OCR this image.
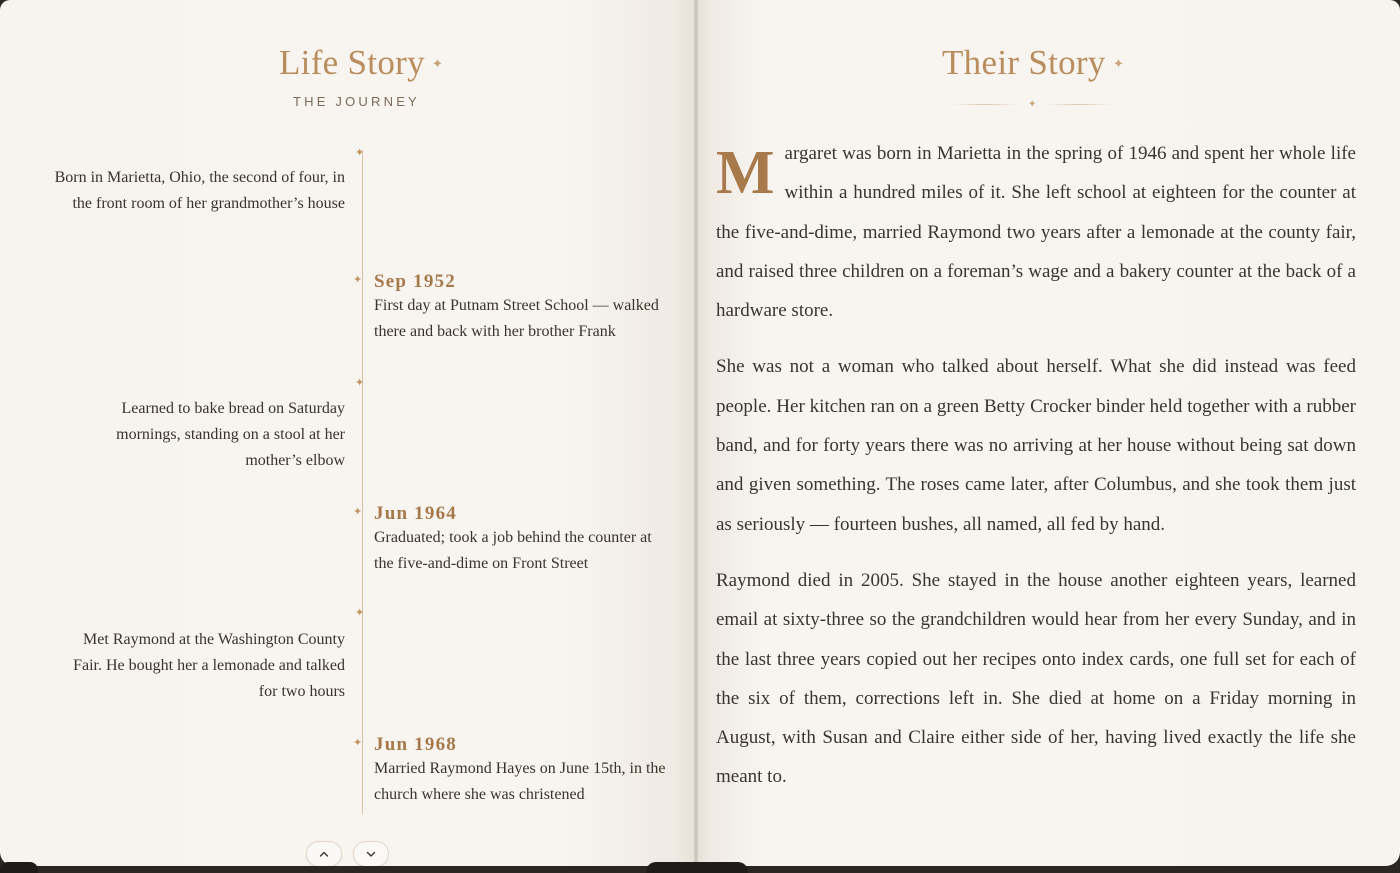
Life Story ✦
THE JOURNEY
✦
Born in Marietta, Ohio, the second of four, in the front room of her grandmother’s house
✦ Sep 1952
First day at Putnam Street School — walked there and back with her brother Frank
✦
Learned to bake bread on Saturday mornings, standing on a stool at her mother’s elbow
✦ Jun 1964
Graduated; took a job behind the counter at the five-and-dime on Front Street
✦
Met Raymond at the Washington County Fair. He bought her a lemonade and talked for two hours
✦ Jun 1968
Married Raymond Hayes on June 15th, in the church where she was christened
Their Story ✦
✦

Margaret was born in Marietta in the spring of 1946 and spent her whole life within a hundred miles of it. She left school at eighteen for the counter at the five-and-dime, married Raymond two years after a lemonade at the county fair, and raised three children on a foreman’s wage and a bakery counter at the back of a hardware store.

She was not a woman who talked about herself. What she did instead was feed people. Her kitchen ran on a green Betty Crocker binder held together with a rubber band, and for forty years there was no arriving at her house without being sat down and given something. The roses came later, after Columbus, and she took them just as seriously — fourteen bushes, all named, all fed by hand.

Raymond died in 2005. She stayed in the house another eighteen years, learned email at sixty-three so the grandchildren would hear from her every Sunday, and in the last three years copied out her recipes onto index cards, one full set for each of the six of them, corrections left in. She died at home on a Friday morning in August, with Susan and Claire either side of her, having lived exactly the life she meant to.
